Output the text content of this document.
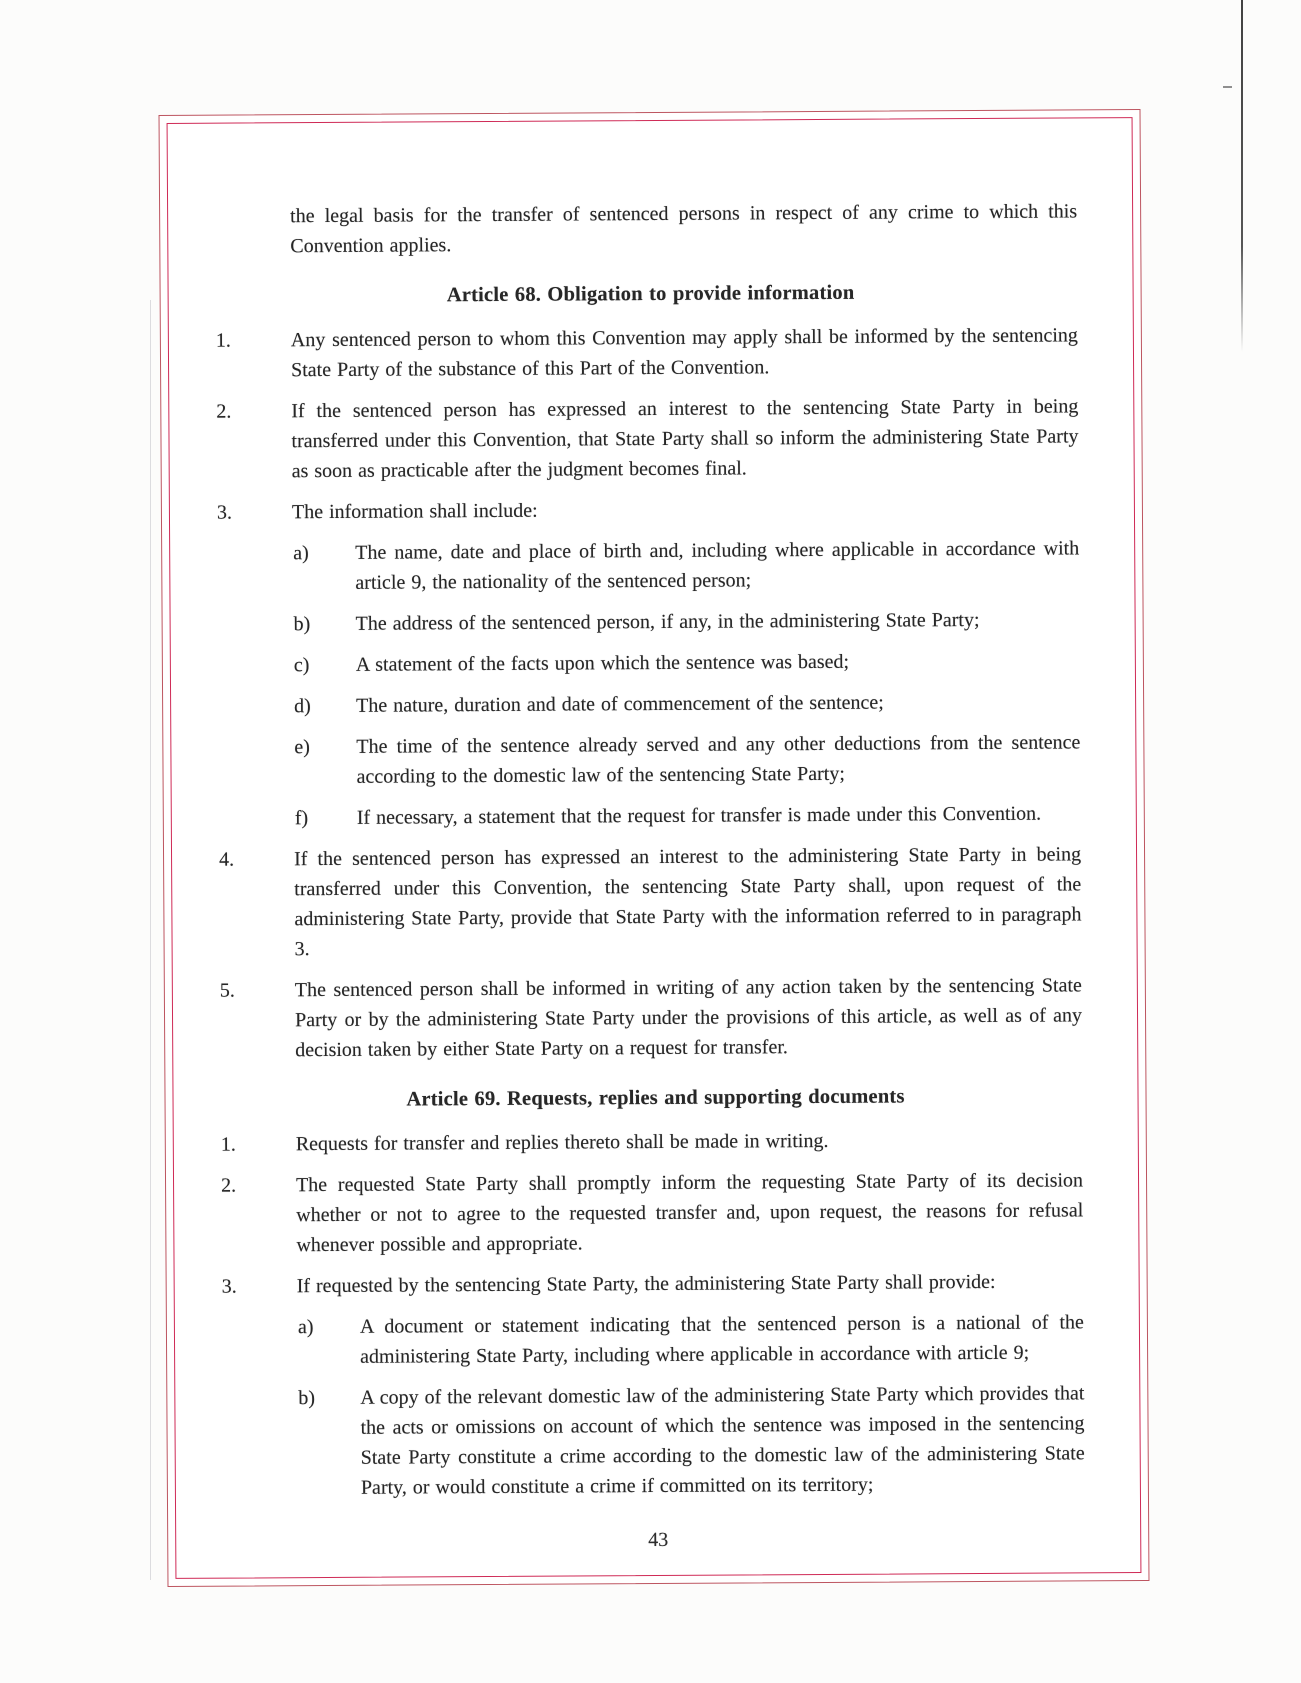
the legal basis for the transfer of sentenced persons in respect of any crime to which this Convention applies.

Article 68. Obligation to provide information
1.	Any sentenced person to whom this Convention may apply shall be informed by the sentencing State Party of the substance of this Part of the Convention.

2.	If the sentenced person has expressed an interest to the sentencing State Party in being transferred under this Convention, that State Party shall so inform the administering State Party as soon as practicable after the judgment becomes final.

3.	The information shall include:

a) The name, date and place of birth and, including where applicable in accordance with article 9, the nationality of the sentenced person;

b) The address of the sentenced person, if any, in the administering State Party;

c) A statement of the facts upon which the sentence was based;

d) The nature, duration and date of commencement of the sentence;

e) The time of the sentence already served and any other deductions from the sentence according to the domestic law of the sentencing State Party;

f) If necessary, a statement that the request for transfer is made under this Convention.

4.	If the sentenced person has expressed an interest to the administering State Party in being transferred under this Convention, the sentencing State Party shall, upon request of the administering State Party, provide that State Party with the information referred to in paragraph 3.

5.	The sentenced person shall be informed in writing of any action taken by the sentencing State Party or by the administering State Party under the provisions of this article, as well as of any decision taken by either State Party on a request for transfer.

Article 69. Requests, replies and supporting documents
1.	Requests for transfer and replies thereto shall be made in writing.

2.	The requested State Party shall promptly inform the requesting State Party of its decision whether or not to agree to the requested transfer and, upon request, the reasons for refusal whenever possible and appropriate.

3.	If requested by the sentencing State Party, the administering State Party shall provide:

a) A document or statement indicating that the sentenced person is a national of the administering State Party, including where applicable in accordance with article 9;

b) A copy of the relevant domestic law of the administering State Party which provides that the acts or omissions on account of which the sentence was imposed in the sentencing State Party constitute a crime according to the domestic law of the administering State Party, or would constitute a crime if committed on its territory;

43
